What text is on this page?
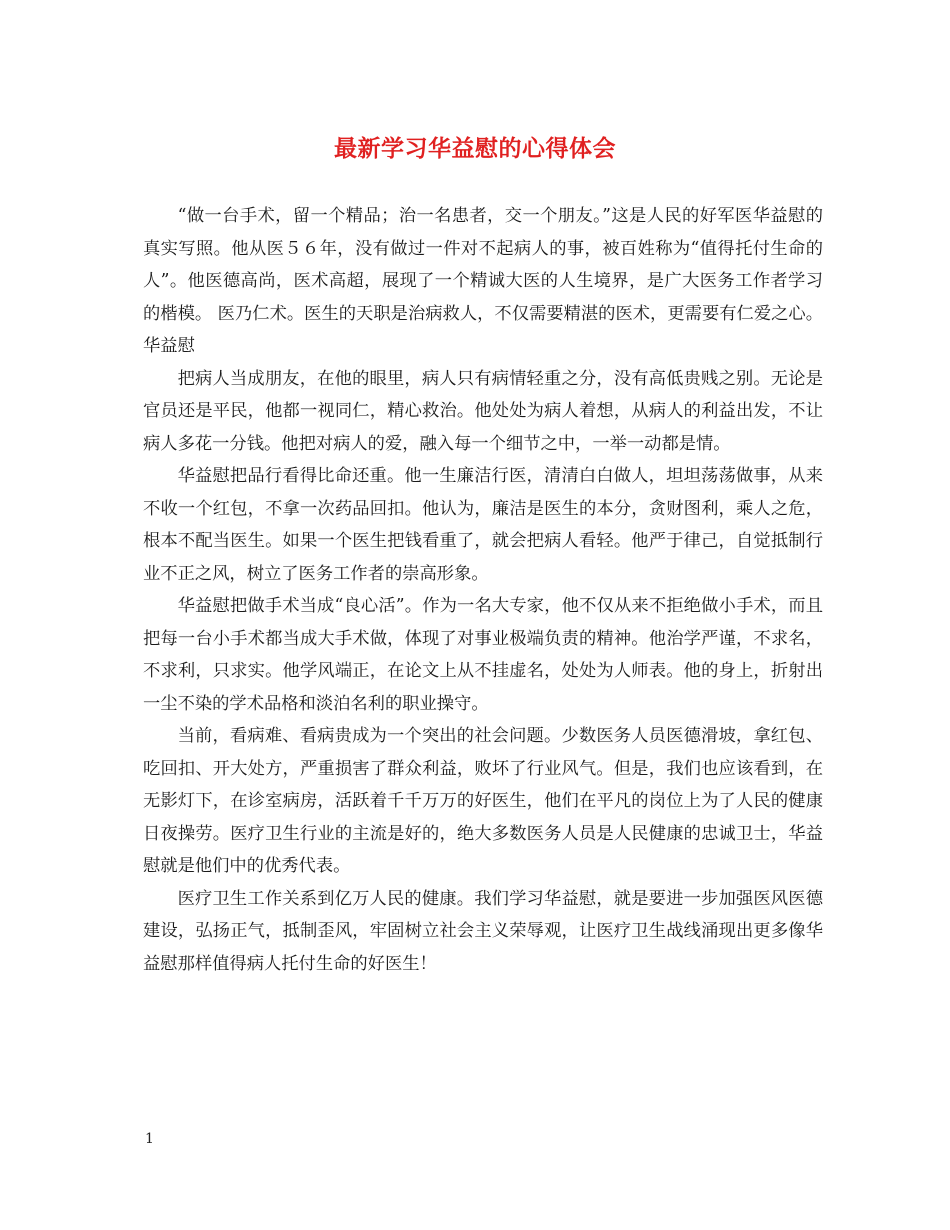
最新学习华益慰的心得体会

“做一台手术，留一个精品；治一名患者，交一个朋友。”这是人民的好军医华益慰的真实写照。他从医５６年，没有做过一件对不起病人的事，被百姓称为“值得托付生命的人”。他医德高尚，医术高超，展现了一个精诚大医的人生境界，是广大医务工作者学习的楷模。 医乃仁术。医生的天职是治病救人，不仅需要精湛的医术，更需要有仁爱之心。华益慰

把病人当成朋友，在他的眼里，病人只有病情轻重之分，没有高低贵贱之别。无论是官员还是平民，他都一视同仁，精心救治。他处处为病人着想，从病人的利益出发，不让病人多花一分钱。他把对病人的爱，融入每一个细节之中，一举一动都是情。

华益慰把品行看得比命还重。他一生廉洁行医，清清白白做人，坦坦荡荡做事，从来不收一个红包，不拿一次药品回扣。他认为，廉洁是医生的本分，贪财图利，乘人之危，根本不配当医生。如果一个医生把钱看重了，就会把病人看轻。他严于律己，自觉抵制行业不正之风，树立了医务工作者的崇高形象。

华益慰把做手术当成“良心活”。作为一名大专家，他不仅从来不拒绝做小手术，而且把每一台小手术都当成大手术做，体现了对事业极端负责的精神。他治学严谨，不求名，不求利，只求实。他学风端正，在论文上从不挂虚名，处处为人师表。他的身上，折射出一尘不染的学术品格和淡泊名利的职业操守。

当前，看病难、看病贵成为一个突出的社会问题。少数医务人员医德滑坡，拿红包、吃回扣、开大处方，严重损害了群众利益，败坏了行业风气。但是，我们也应该看到，在无影灯下，在诊室病房，活跃着千千万万的好医生，他们在平凡的岗位上为了人民的健康日夜操劳。医疗卫生行业的主流是好的，绝大多数医务人员是人民健康的忠诚卫士，华益慰就是他们中的优秀代表。

医疗卫生工作关系到亿万人民的健康。我们学习华益慰，就是要进一步加强医风医德建设，弘扬正气，抵制歪风，牢固树立社会主义荣辱观，让医疗卫生战线涌现出更多像华益慰那样值得病人托付生命的好医生！

1
